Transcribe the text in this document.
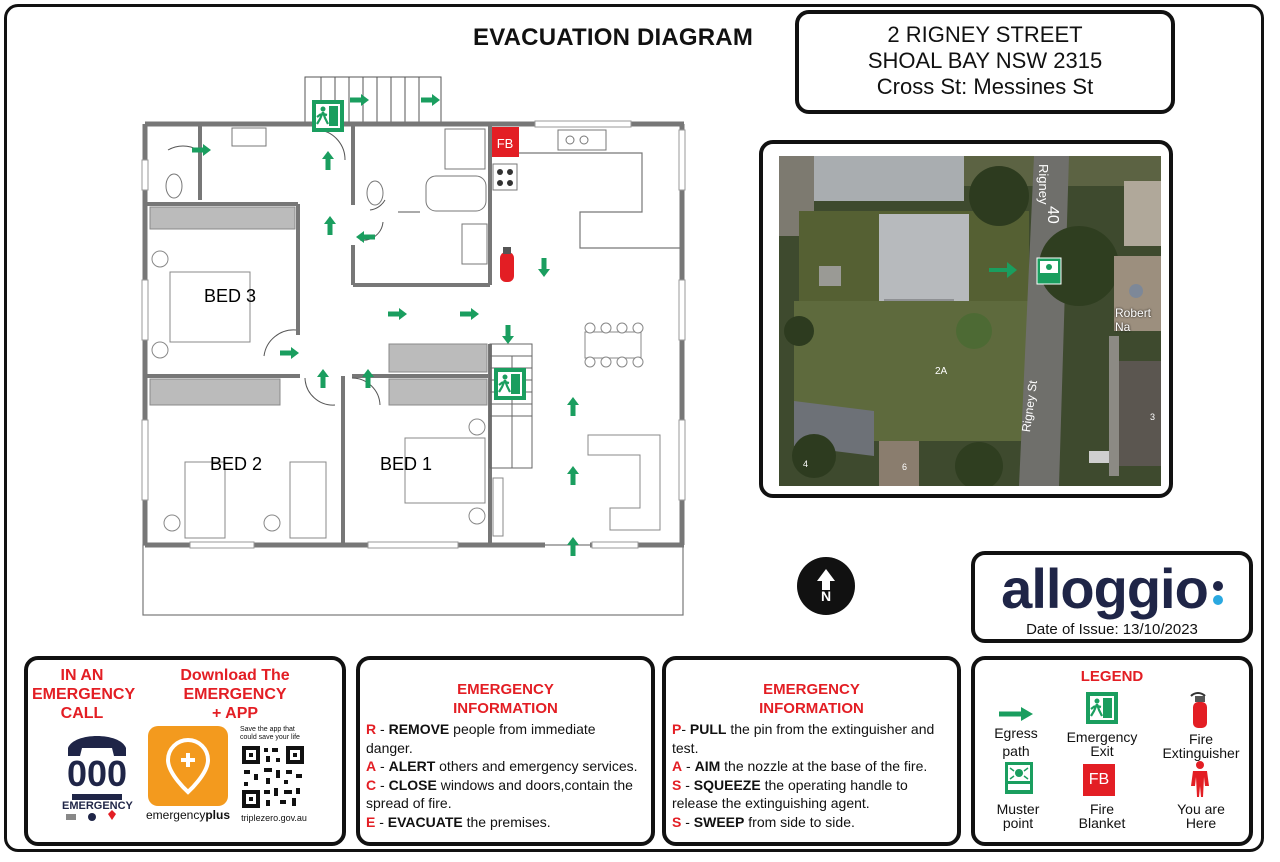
EVACUATION DIAGRAM	2 RIGNEY STREET
SHOAL BAY NSW 2315
Cross St: Messines St
FB
BED 3
BED 2	BED 1
Rigney
40
Robert Na
2A
Rigney St
4	6
3
N	alloggio
Date of Issue: 13/10/2023
IN AN
EMERGENCY
CALL
Download The
EMERGENCY
+ APP
000
EMERGENCY
emergencyplus
Save the app that
could save your life
triplezero.gov.au
EMERGENCY
INFORMATION
R - REMOVE people from immediate danger.
A - ALERT others and emergency services.
C - CLOSE windows and doors,contain the spread of fire.
E - EVACUATE the premises.
EMERGENCY
INFORMATION
P- PULL the pin from the extinguisher and test.
A - AIM the nozzle at the base of the fire.
S - SQUEEZE the operating handle to release the extinguishing agent.
S - SWEEP from side to side.
LEGEND
Egress
path
Emergency
Exit
Fire
Extinguisher
Muster
point
FB
Fire
Blanket
You are
Here
